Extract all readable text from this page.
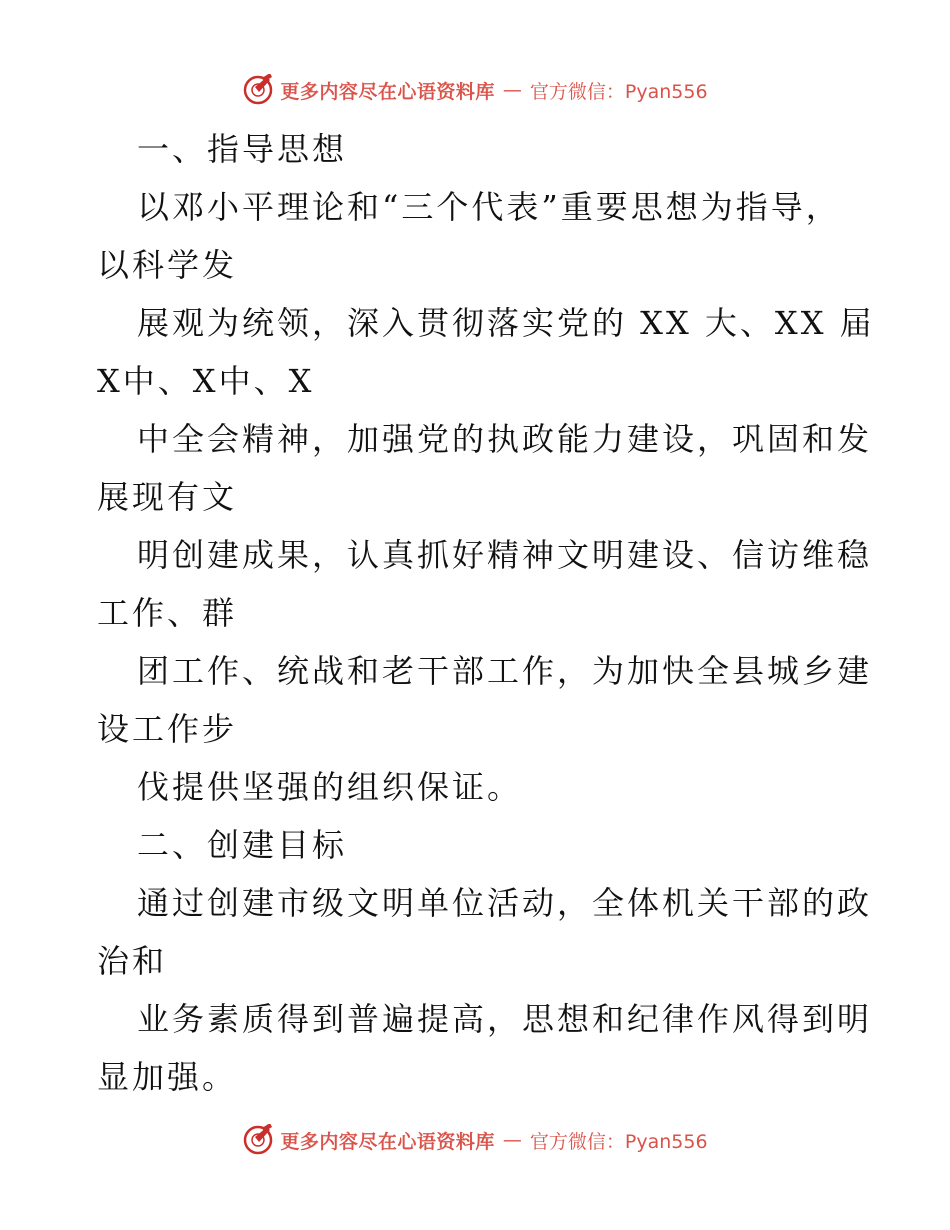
更多内容尽在心语资料库 — 官方微信：Pyan556
一、指导思想
以邓小平理论和“三个代表”重要思想为指导，
以科学发
展观为统领，深入贯彻落实党的 XX 大、XX 届
X中、X中、X
中全会精神，加强党的执政能力建设，巩固和发
展现有文
明创建成果，认真抓好精神文明建设、信访维稳
工作、群
团工作、统战和老干部工作，为加快全县城乡建
设工作步
伐提供坚强的组织保证。
二、创建目标
通过创建市级文明单位活动，全体机关干部的政
治和
业务素质得到普遍提高，思想和纪律作风得到明
显加强。
更多内容尽在心语资料库 — 官方微信：Pyan556
